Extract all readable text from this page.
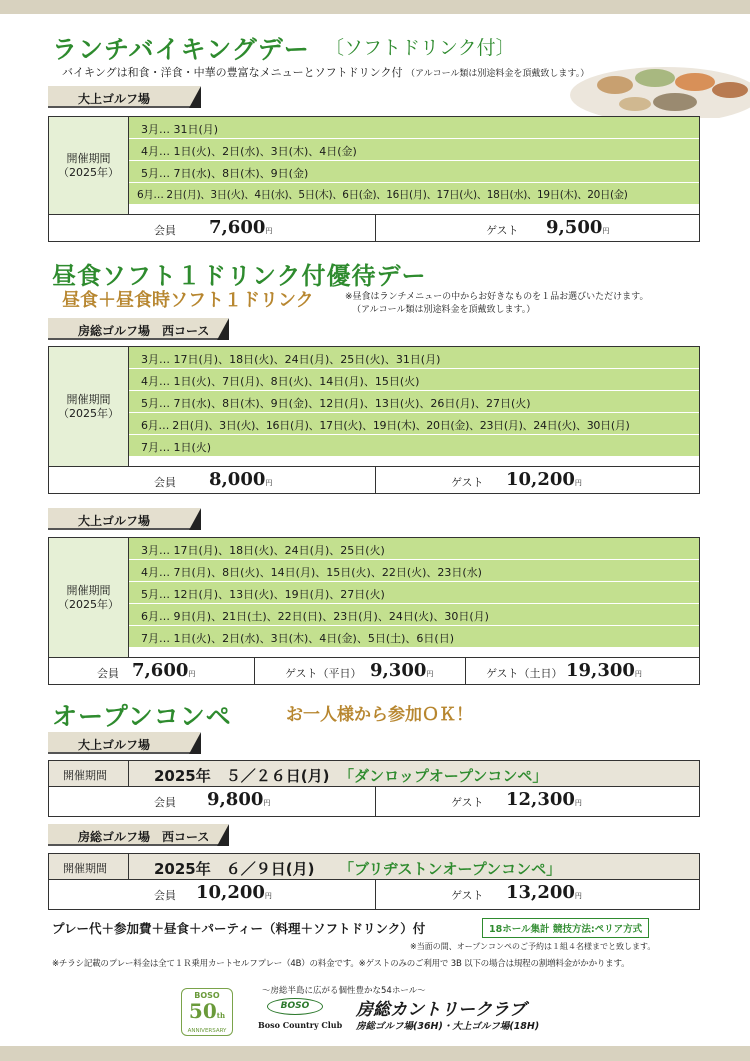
ランチバイキングデー 〔ソフトドリンク付〕
バイキングは和食・洋食・中華の豊富なメニューとソフトドリンク付 （アルコール類は別途料金を頂戴致します。）
大上ゴルフ場
開催期間
（2025年）
3月… 31日(月)
4月… 1日(火)、2日(水)、3日(木)、4日(金)
5月… 7日(水)、8日(木)、9日(金)
6月… 2日(月)、3日(火)、4日(水)、5日(木)、6日(金)、16日(月)、17日(火)、18日(水)、19日(木)、20日(金)
会員 7,600円	ゲスト 9,500円
昼食ソフト１ドリンク付優待デー
昼食＋昼食時ソフト１ドリンク	※昼食はランチメニューの中からお好きなものを１品お選びいただけます。
（アルコール類は別途料金を頂戴致します。）
房総ゴルフ場　西コース
開催期間
（2025年）
3月… 17日(月)、18日(火)、24日(月)、25日(火)、31日(月)
4月… 1日(火)、7日(月)、8日(火)、14日(月)、15日(火)
5月… 7日(水)、8日(木)、9日(金)、12日(月)、13日(火)、26日(月)、27日(火)
6月… 2日(月)、3日(火)、16日(月)、17日(火)、19日(木)、20日(金)、23日(月)、24日(火)、30日(月)
7月… 1日(火)
会員 8,000円	ゲスト 10,200円
大上ゴルフ場
開催期間
（2025年）
3月… 17日(月)、18日(火)、24日(月)、25日(火)
4月… 7日(月)、8日(火)、14日(月)、15日(火)、22日(火)、23日(水)
5月… 12日(月)、13日(火)、19日(月)、27日(火)
6月… 9日(月)、21日(土)、22日(日)、23日(月)、24日(火)、30日(月)
7月… 1日(火)、2日(水)、3日(木)、4日(金)、5日(土)、6日(日)
会員 7,600円	ゲスト（平日） 9,300円	ゲスト（土日） 19,300円
オープンコンペ	お一人様から参加ＯＫ！
大上ゴルフ場
開催期間	2025年　５／２６日(月) 「ダンロップオープンコンペ」
会員 9,800円	ゲスト 12,300円
房総ゴルフ場　西コース
開催期間	2025年　６／９日(月) 「ブリヂストンオープンコンペ」
会員 10,200円	ゲスト 13,200円
プレー代＋参加費＋昼食＋パーティー（料理＋ソフトドリンク）付	18ホール集計 競技方法:ペリア方式
※当面の間、オープンコンペのご予約は１組４名様までと致します。
※チラシ記載のプレー料金は全て１Ｒ乗用カートセルフプレー（4B）の料金です。※ゲストのみのご利用で 3B 以下の場合は規程の割増料金がかかります。
BOSO
50th
ANNIVERSARY
～房総半島に広がる個性豊かな54ホール～
BOSO
Boso Country Club
房総カントリークラブ
房総ゴルフ場(36H)・大上ゴルフ場(18H)
